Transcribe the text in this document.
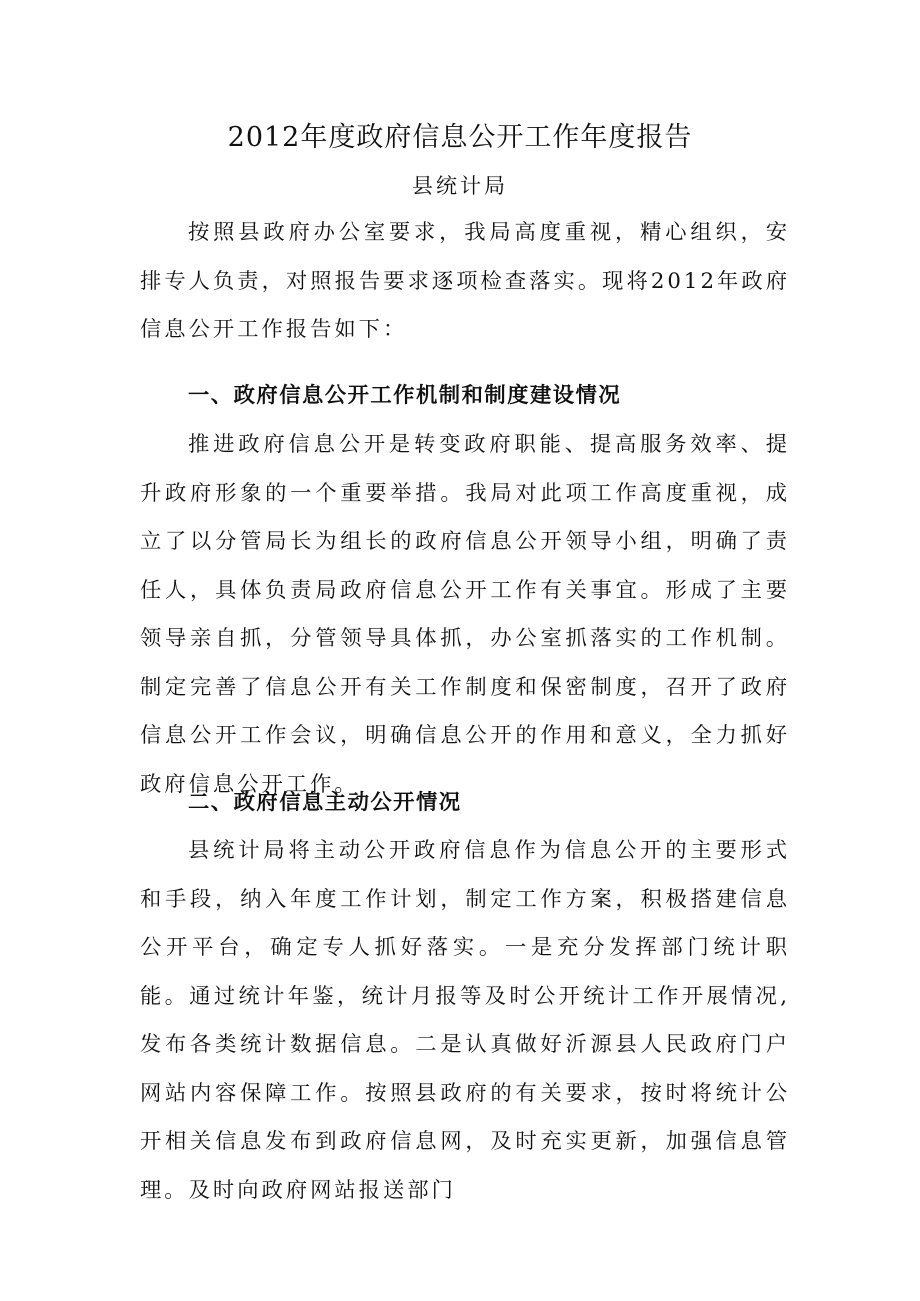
2012年度政府信息公开工作年度报告
县统计局

按照县政府办公室要求，我局高度重视，精心组织，安排专人负责，对照报告要求逐项检查落实。现将2012年政府信息公开工作报告如下：

一、政府信息公开工作机制和制度建设情况

推进政府信息公开是转变政府职能、提高服务效率、提升政府形象的一个重要举措。我局对此项工作高度重视，成立了以分管局长为组长的政府信息公开领导小组，明确了责任人，具体负责局政府信息公开工作有关事宜。形成了主要领导亲自抓，分管领导具体抓，办公室抓落实的工作机制。制定完善了信息公开有关工作制度和保密制度，召开了政府信息公开工作会议，明确信息公开的作用和意义，全力抓好政府信息公开工作。

二、政府信息主动公开情况

县统计局将主动公开政府信息作为信息公开的主要形式和手段，纳入年度工作计划，制定工作方案，积极搭建信息公开平台，确定专人抓好落实。一是充分发挥部门统计职能。通过统计年鉴，统计月报等及时公开统计工作开展情况,发布各类统计数据信息。二是认真做好沂源县人民政府门户网站内容保障工作。按照县政府的有关要求，按时将统计公开相关信息发布到政府信息网，及时充实更新，加强信息管理。及时向政府网站报送部门
